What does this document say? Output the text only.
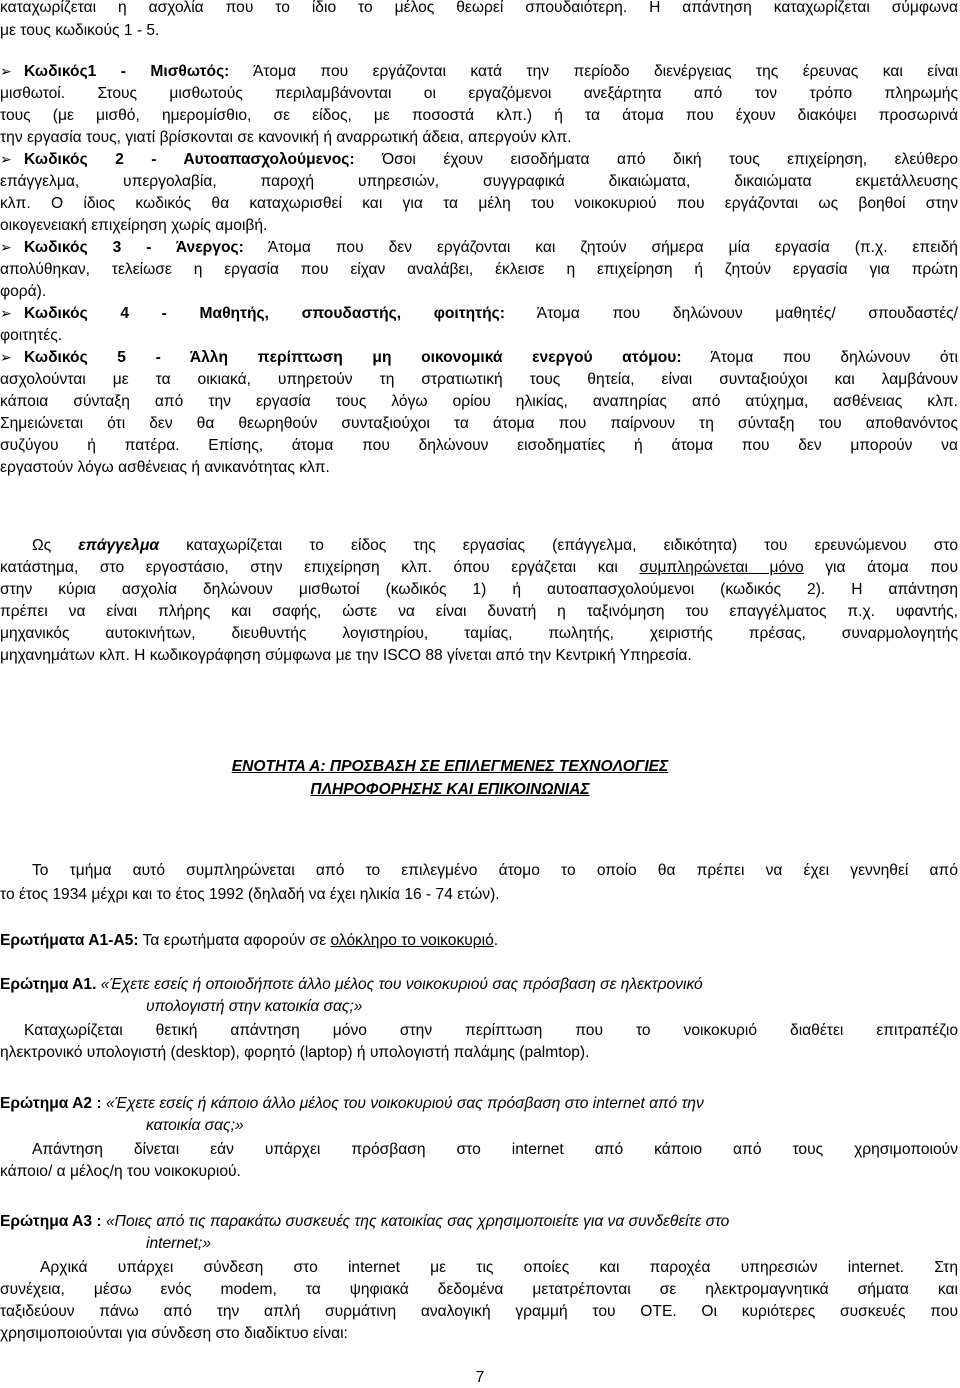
καταχωρίζεται η ασχολία που το ίδιο το μέλος θεωρεί σπουδαιότερη. Η απάντηση καταχωρίζεται σύμφωνα
με τους κωδικούς 1 - 5.
➢ Κωδικός1 - Μισθωτός: Άτομα που εργάζονται κατά την περίοδο διενέργειας της έρευνας και είναι
μισθωτοί. Στους μισθωτούς περιλαμβάνονται οι εργαζόμενοι ανεξάρτητα από τον τρόπο πληρωμής
τους (με μισθό, ημερομίσθιο, σε είδος, με ποσοστά κλπ.) ή τα άτομα που έχουν διακόψει προσωρινά
την εργασία τους, γιατί βρίσκονται σε κανονική ή αναρρωτική άδεια, απεργούν κλπ.
➢ Κωδικός 2 - Αυτοαπασχολούμενος: Όσοι έχουν εισοδήματα από δική τους επιχείρηση, ελεύθερο
επάγγελμα, υπεργολαβία, παροχή υπηρεσιών, συγγραφικά δικαιώματα, δικαιώματα εκμετάλλευσης
κλπ. Ο ίδιος κωδικός θα καταχωρισθεί και για τα μέλη του νοικοκυριού που εργάζονται ως βοηθοί στην
οικογενειακή επιχείρηση χωρίς αμοιβή.
➢ Κωδικός 3 - Άνεργος: Άτομα που δεν εργάζονται και ζητούν σήμερα μία εργασία (π.χ. επειδή
απολύθηκαν, τελείωσε η εργασία που είχαν αναλάβει, έκλεισε η επιχείρηση ή ζητούν εργασία για πρώτη
φορά).
➢ Κωδικός 4 - Μαθητής, σπουδαστής, φοιτητής: Άτομα που δηλώνουν μαθητές/ σπουδαστές/
φοιτητές.
➢ Κωδικός 5 - Άλλη περίπτωση μη οικονομικά ενεργού ατόμου: Άτομα που δηλώνουν ότι
ασχολούνται με τα οικιακά, υπηρετούν τη στρατιωτική τους θητεία, είναι συνταξιούχοι και λαμβάνουν
κάποια σύνταξη από την εργασία τους λόγω ορίου ηλικίας, αναπηρίας από ατύχημα, ασθένειας κλπ.
Σημειώνεται ότι δεν θα θεωρηθούν συνταξιούχοι τα άτομα που παίρνουν τη σύνταξη του αποθανόντος
συζύγου ή πατέρα. Επίσης, άτομα που δηλώνουν εισοδηματίες ή άτομα που δεν μπορούν να
εργαστούν λόγω ασθένειας ή ανικανότητας κλπ.
Ως επάγγελμα καταχωρίζεται το είδος της εργασίας (επάγγελμα, ειδικότητα) του ερευνώμενου στο
κατάστημα, στο εργοστάσιο, στην επιχείρηση κλπ. όπου εργάζεται και συμπληρώνεται μόνο για άτομα που
στην κύρια ασχολία δηλώνουν μισθωτοί (κωδικός 1) ή αυτοαπασχολούμενοι (κωδικός 2). Η απάντηση
πρέπει να είναι πλήρης και σαφής, ώστε να είναι δυνατή η ταξινόμηση του επαγγέλματος π.χ. υφαντής,
μηχανικός αυτοκινήτων, διευθυντής λογιστηρίου, ταμίας, πωλητής, χειριστής πρέσας, συναρμολογητής
μηχανημάτων κλπ. Η κωδικογράφηση σύμφωνα με την ISCO 88 γίνεται από την Κεντρική Υπηρεσία.
ΕΝΟΤΗΤΑ Α: ΠΡΟΣΒΑΣΗ ΣΕ ΕΠΙΛΕΓΜΕΝΕΣ ΤΕΧΝΟΛΟΓΙΕΣ
ΠΛΗΡΟΦΟΡΗΣΗΣ ΚΑΙ ΕΠΙΚΟΙΝΩΝΙΑΣ
Το τμήμα αυτό συμπληρώνεται από το επιλεγμένο άτομο το οποίο θα πρέπει να έχει γεννηθεί από
το έτος 1934 μέχρι και το έτος 1992 (δηλαδή να έχει ηλικία 16 - 74 ετών).
Ερωτήματα Α1-Α5: Τα ερωτήματα αφορούν σε ολόκληρο το νοικοκυριό.
Ερώτημα Α1. «Έχετε εσείς ή οποιοδήποτε άλλο μέλος του νοικοκυριού σας πρόσβαση σε ηλεκτρονικό
υπολογιστή στην κατοικία σας;»
Καταχωρίζεται θετική απάντηση μόνο στην περίπτωση που το νοικοκυριό διαθέτει επιτραπέζιο
ηλεκτρονικό υπολογιστή (desktop), φορητό (laptop) ή υπολογιστή παλάμης (palmtop).
Ερώτημα Α2 : «Έχετε εσείς ή κάποιο άλλο μέλος του νοικοκυριού σας πρόσβαση στο internet από την
κατοικία σας;»
Απάντηση δίνεται εάν υπάρχει πρόσβαση στο internet από κάποιο από τους χρησιμοποιούν
κάποιο/ α μέλος/η του νοικοκυριού.
Ερώτημα Α3 : «Ποιες από τις παρακάτω συσκευές της κατοικίας σας χρησιμοποιείτε για να συνδεθείτε στο
internet;»
Αρχικά υπάρχει σύνδεση στο internet με τις οποίες και παροχέα υπηρεσιών internet. Στη
συνέχεια, μέσω ενός modem, τα ψηφιακά δεδομένα μετατρέπονται σε ηλεκτρομαγνητικά σήματα και
ταξιδεύουν πάνω από την απλή συρμάτινη αναλογική γραμμή του ΟΤΕ. Οι κυριότερες συσκευές που
χρησιμοποιούνται για σύνδεση στο διαδίκτυο είναι:
7
